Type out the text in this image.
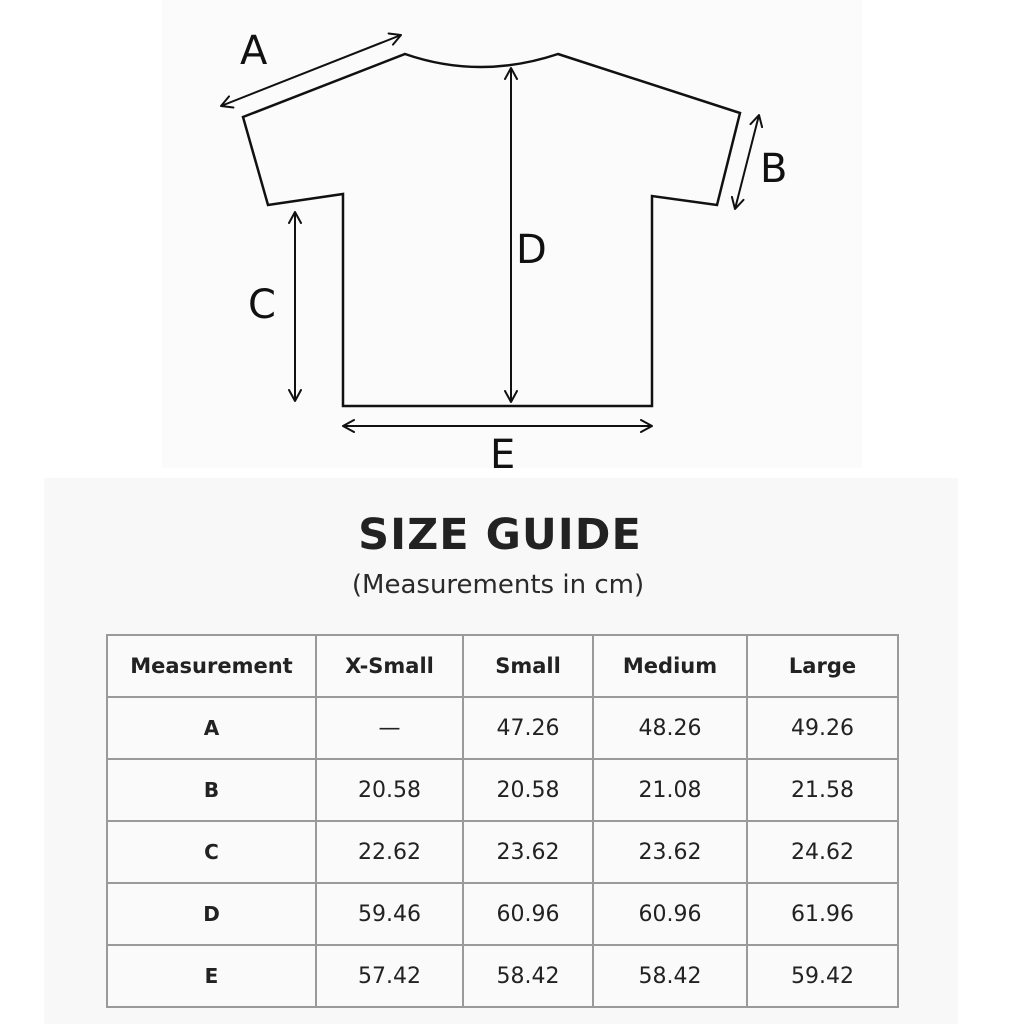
A
B
C
D
E
SIZE GUIDE
(Measurements in cm)
Measurement	X-Small	Small	Medium	Large
A	—	47.26	48.26	49.26
B	20.58	20.58	21.08	21.58
C	22.62	23.62	23.62	24.62
D	59.46	60.96	60.96	61.96
E	57.42	58.42	58.42	59.42
